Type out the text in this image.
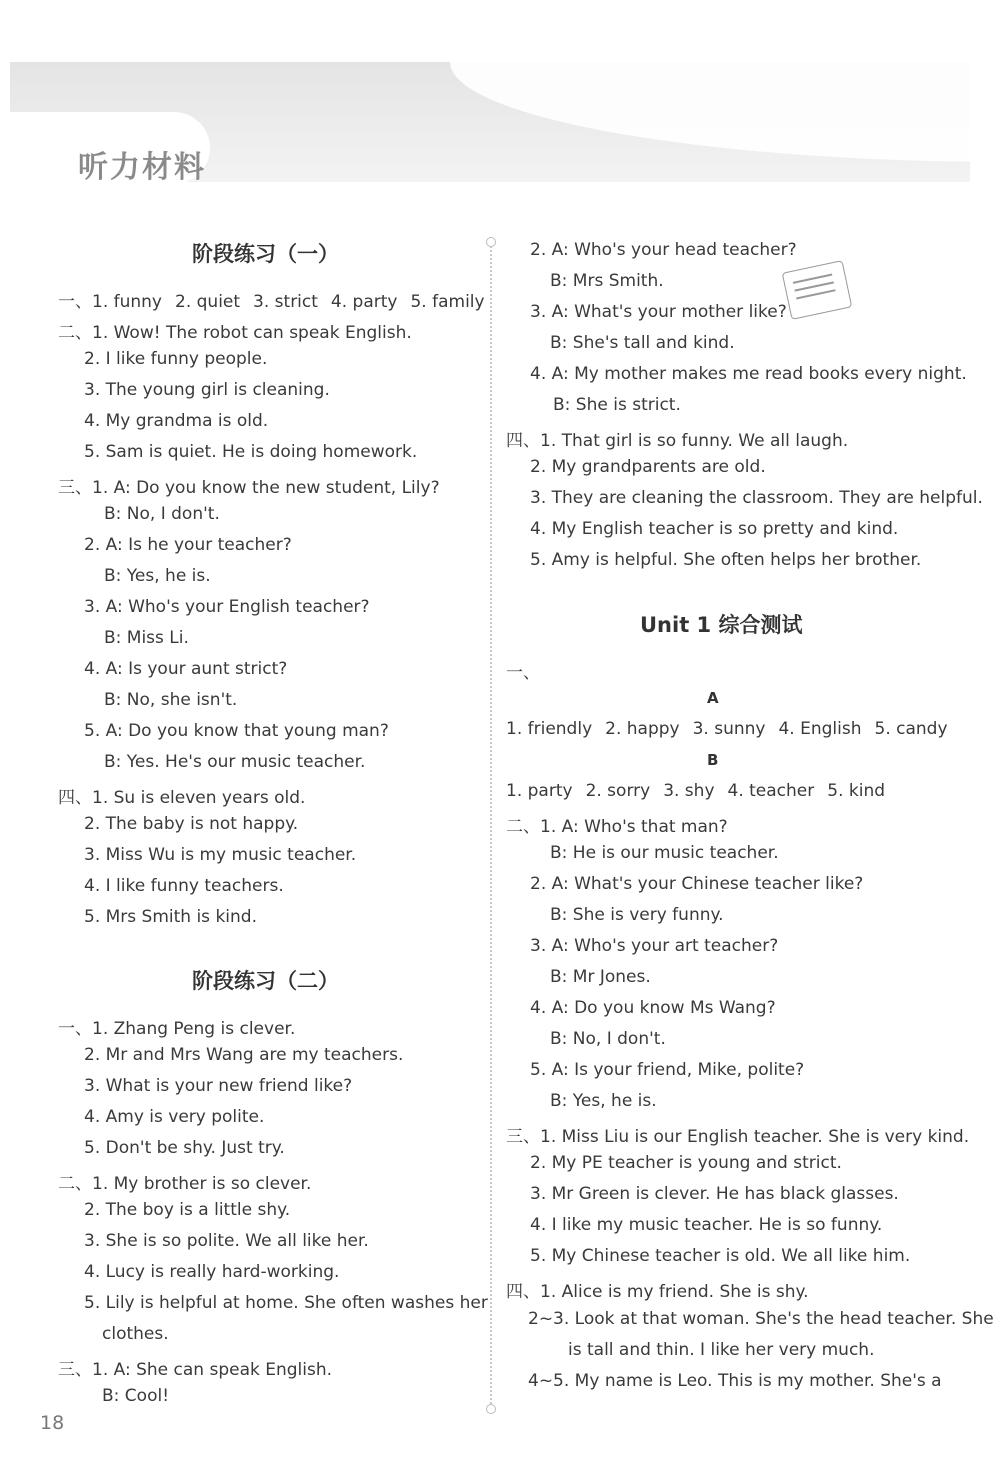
听力材料
阶段练习（一）
一、1. funny 2. quiet 3. strict 4. party 5. family
二、1. Wow! The robot can speak English.
2. I like funny people.
3. The young girl is cleaning.
4. My grandma is old.
5. Sam is quiet. He is doing homework.
三、1. A: Do you know the new student, Lily?
B: No, I don't.
2. A: Is he your teacher?
B: Yes, he is.
3. A: Who's your English teacher?
B: Miss Li.
4. A: Is your aunt strict?
B: No, she isn't.
5. A: Do you know that young man?
B: Yes. He's our music teacher.
四、1. Su is eleven years old.
2. The baby is not happy.
3. Miss Wu is my music teacher.
4. I like funny teachers.
5. Mrs Smith is kind.
阶段练习（二）
一、1. Zhang Peng is clever.
2. Mr and Mrs Wang are my teachers.
3. What is your new friend like?
4. Amy is very polite.
5. Don't be shy. Just try.
二、1. My brother is so clever.
2. The boy is a little shy.
3. She is so polite. We all like her.
4. Lucy is really hard-working.
5. Lily is helpful at home. She often washes her
clothes.
三、1. A: She can speak English.
B: Cool!
18
2. A: Who's your head teacher?
B: Mrs Smith.
3. A: What's your mother like?
B: She's tall and kind.
4. A: My mother makes me read books every night.
B: She is strict.
四、1. That girl is so funny. We all laugh.
2. My grandparents are old.
3. They are cleaning the classroom. They are helpful.
4. My English teacher is so pretty and kind.
5. Amy is helpful. She often helps her brother.
Unit 1 综合测试
一、
A
1. friendly 2. happy 3. sunny 4. English 5. candy
B
1. party 2. sorry 3. shy 4. teacher 5. kind
二、1. A: Who's that man?
B: He is our music teacher.
2. A: What's your Chinese teacher like?
B: She is very funny.
3. A: Who's your art teacher?
B: Mr Jones.
4. A: Do you know Ms Wang?
B: No, I don't.
5. A: Is your friend, Mike, polite?
B: Yes, he is.
三、1. Miss Liu is our English teacher. She is very kind.
2. My PE teacher is young and strict.
3. Mr Green is clever. He has black glasses.
4. I like my music teacher. He is so funny.
5. My Chinese teacher is old. We all like him.
四、1. Alice is my friend. She is shy.
2~3. Look at that woman. She's the head teacher. She
is tall and thin. I like her very much.
4~5. My name is Leo. This is my mother. She's a
